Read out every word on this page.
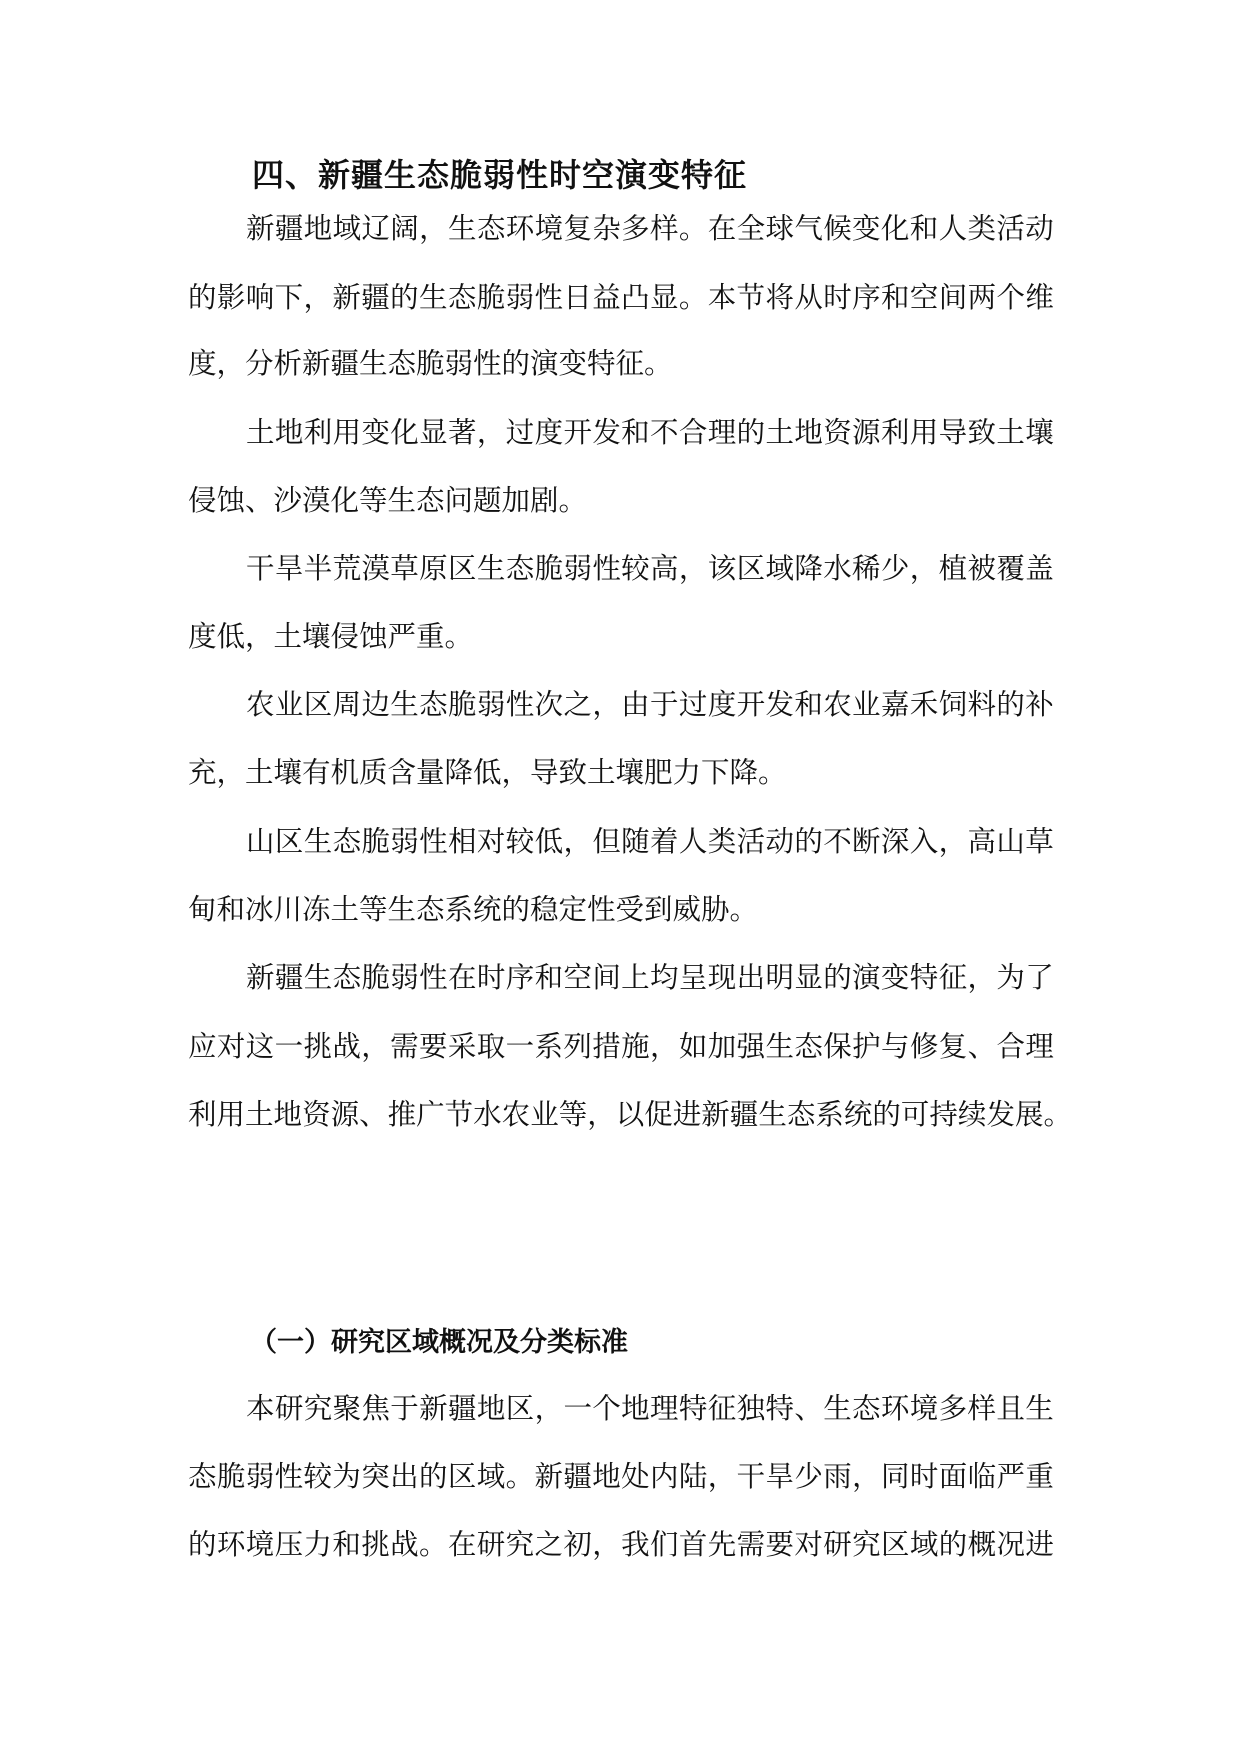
四、新疆生态脆弱性时空演变特征
新 疆 地 域 辽 阔 ， 生 态 环 境 复 杂 多 样 。 在 全 球 气 候 变 化 和 人 类 活 动
的 影 响 下 ， 新 疆 的 生 态 脆 弱 性 日 益 凸 显 。 本 节 将 从 时 序 和 空 间 两 个 维
度，分析新疆生态脆弱性的演变特征。
土 地 利 用 变 化 显 著 ， 过 度 开 发 和 不 合 理 的 土 地 资 源 利 用 导 致 土 壤
侵蚀、沙漠化等生态问题加剧。
干 旱 半 荒 漠 草 原 区 生 态 脆 弱 性 较 高 ， 该 区 域 降 水 稀 少 ， 植 被 覆 盖
度低，土壤侵蚀严重。
农 业 区 周 边 生 态 脆 弱 性 次 之 ， 由 于 过 度 开 发 和 农 业 嘉 禾 饲 料 的 补
充，土壤有机质含量降低，导致土壤肥力下降。
山 区 生 态 脆 弱 性 相 对 较 低 ， 但 随 着 人 类 活 动 的 不 断 深 入 ， 高 山 草
甸和冰川冻土等生态系统的稳定性受到威胁。
新 疆 生 态 脆 弱 性 在 时 序 和 空 间 上 均 呈 现 出 明 显 的 演 变 特 征 ， 为 了
应 对 这 一 挑 战 ， 需 要 采 取 一 系 列 措 施 ， 如 加 强 生 态 保 护 与 修 复 、 合 理
利 用 土 地 资 源 、 推 广 节 水 农 业 等 ， 以 促 进 新 疆 生 态 系 统 的 可 持 续 发 展 。
（一）研究区域概况及分类标准
本 研 究 聚 焦 于 新 疆 地 区 ， 一 个 地 理 特 征 独 特 、 生 态 环 境 多 样 且 生
态 脆 弱 性 较 为 突 出 的 区 域 。 新 疆 地 处 内 陆 ， 干 旱 少 雨 ， 同 时 面 临 严 重
的 环 境 压 力 和 挑 战 。 在 研 究 之 初 ， 我 们 首 先 需 要 对 研 究 区 域 的 概 况 进
